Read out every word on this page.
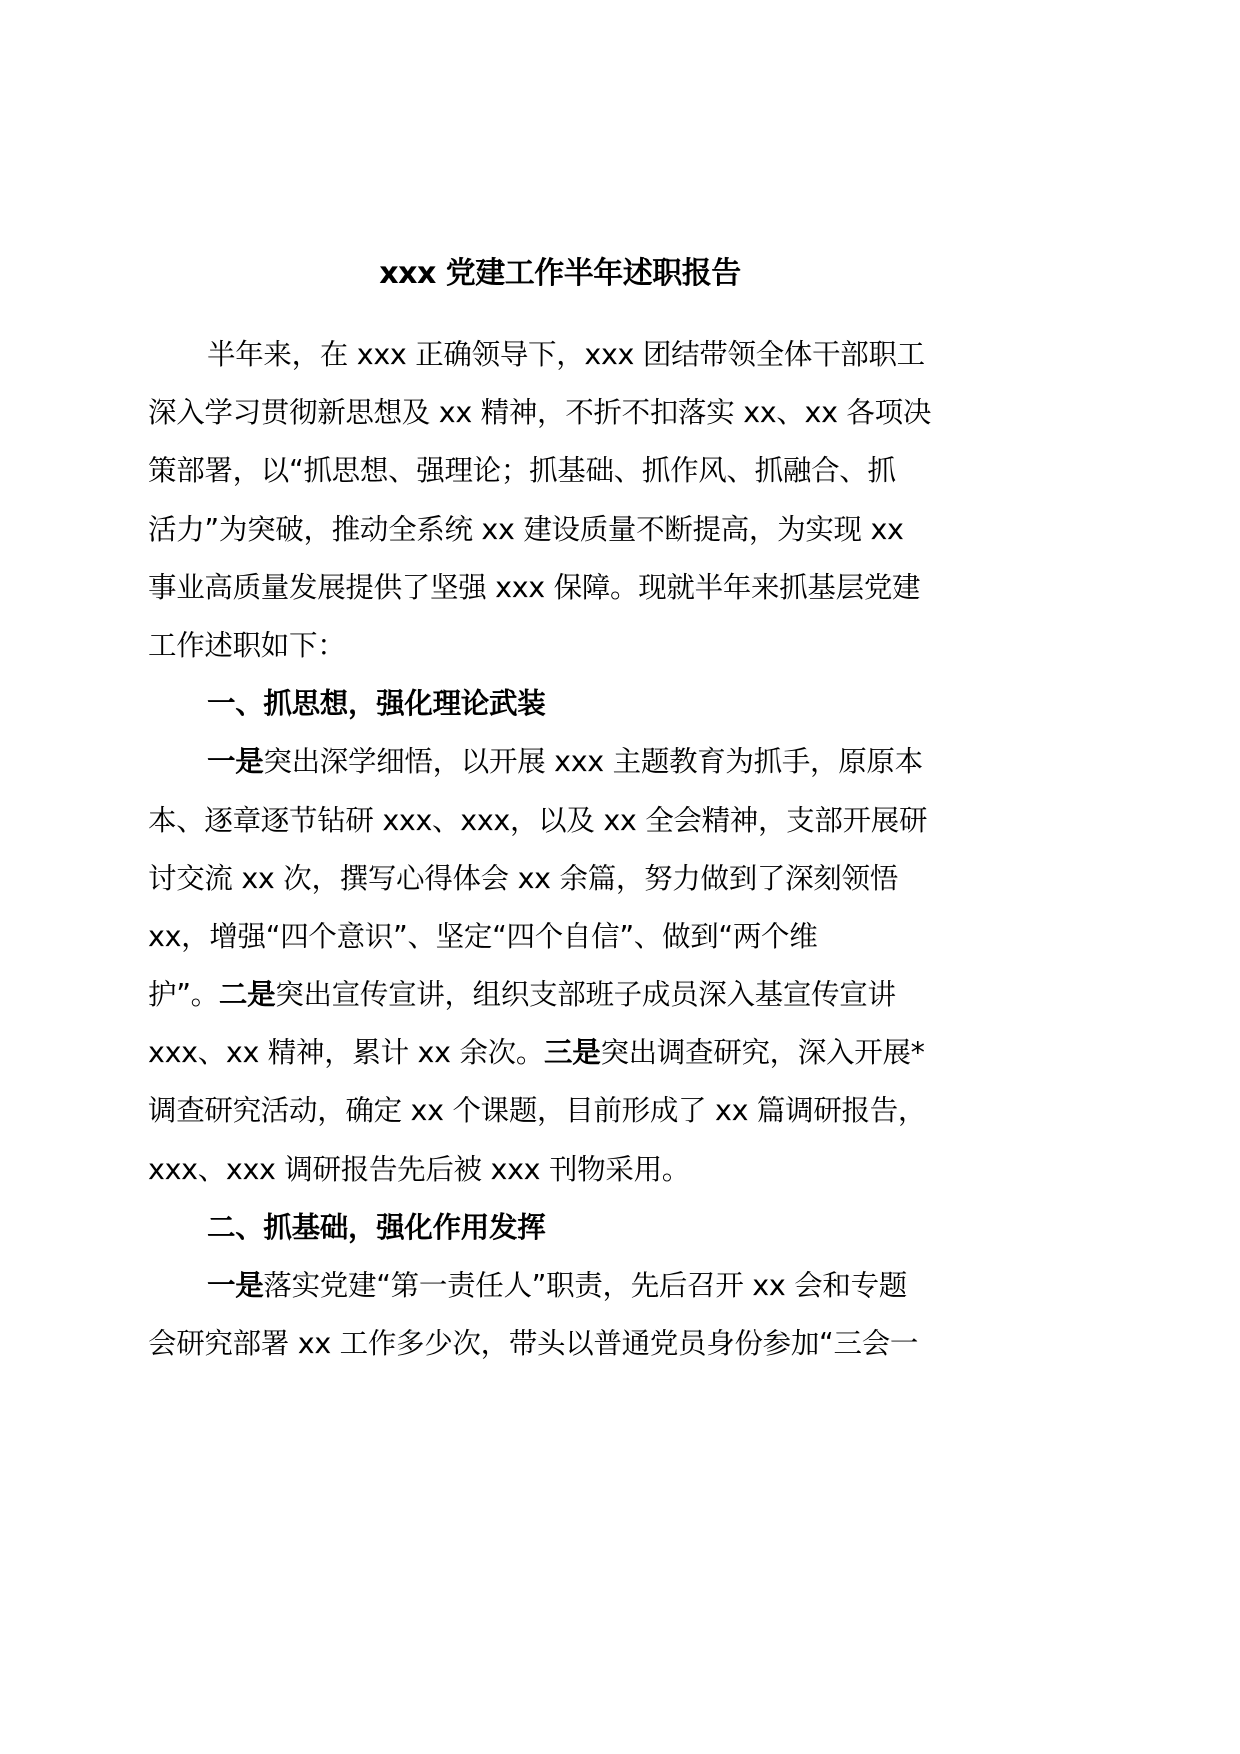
xxx 党建工作半年述职报告
半年来，在 xxx 正确领导下，xxx 团结带领全体干部职工
深入学习贯彻新思想及 xx 精神，不折不扣落实 xx、xx 各项决
策部署，以“抓思想、强理论；抓基础、抓作风、抓融合、抓
活力”为突破，推动全系统 xx 建设质量不断提高，为实现 xx
事业高质量发展提供了坚强 xxx 保障。现就半年来抓基层党建
工作述职如下：
一、抓思想，强化理论武装
一是突出深学细悟，以开展 xxx 主题教育为抓手，原原本
本、逐章逐节钻研 xxx、xxx，以及 xx 全会精神，支部开展研
讨交流 xx 次，撰写心得体会 xx 余篇，努力做到了深刻领悟
xx，增强“四个意识”、坚定“四个自信”、做到“两个维
护”。二是突出宣传宣讲，组织支部班子成员深入基宣传宣讲
xxx、xx 精神，累计 xx 余次。三是突出调查研究，深入开展*
调查研究活动，确定 xx 个课题，目前形成了 xx 篇调研报告，
xxx、xxx 调研报告先后被 xxx 刊物采用。
二、抓基础，强化作用发挥
一是落实党建“第一责任人”职责，先后召开 xx 会和专题
会研究部署 xx 工作多少次，带头以普通党员身份参加“三会一
